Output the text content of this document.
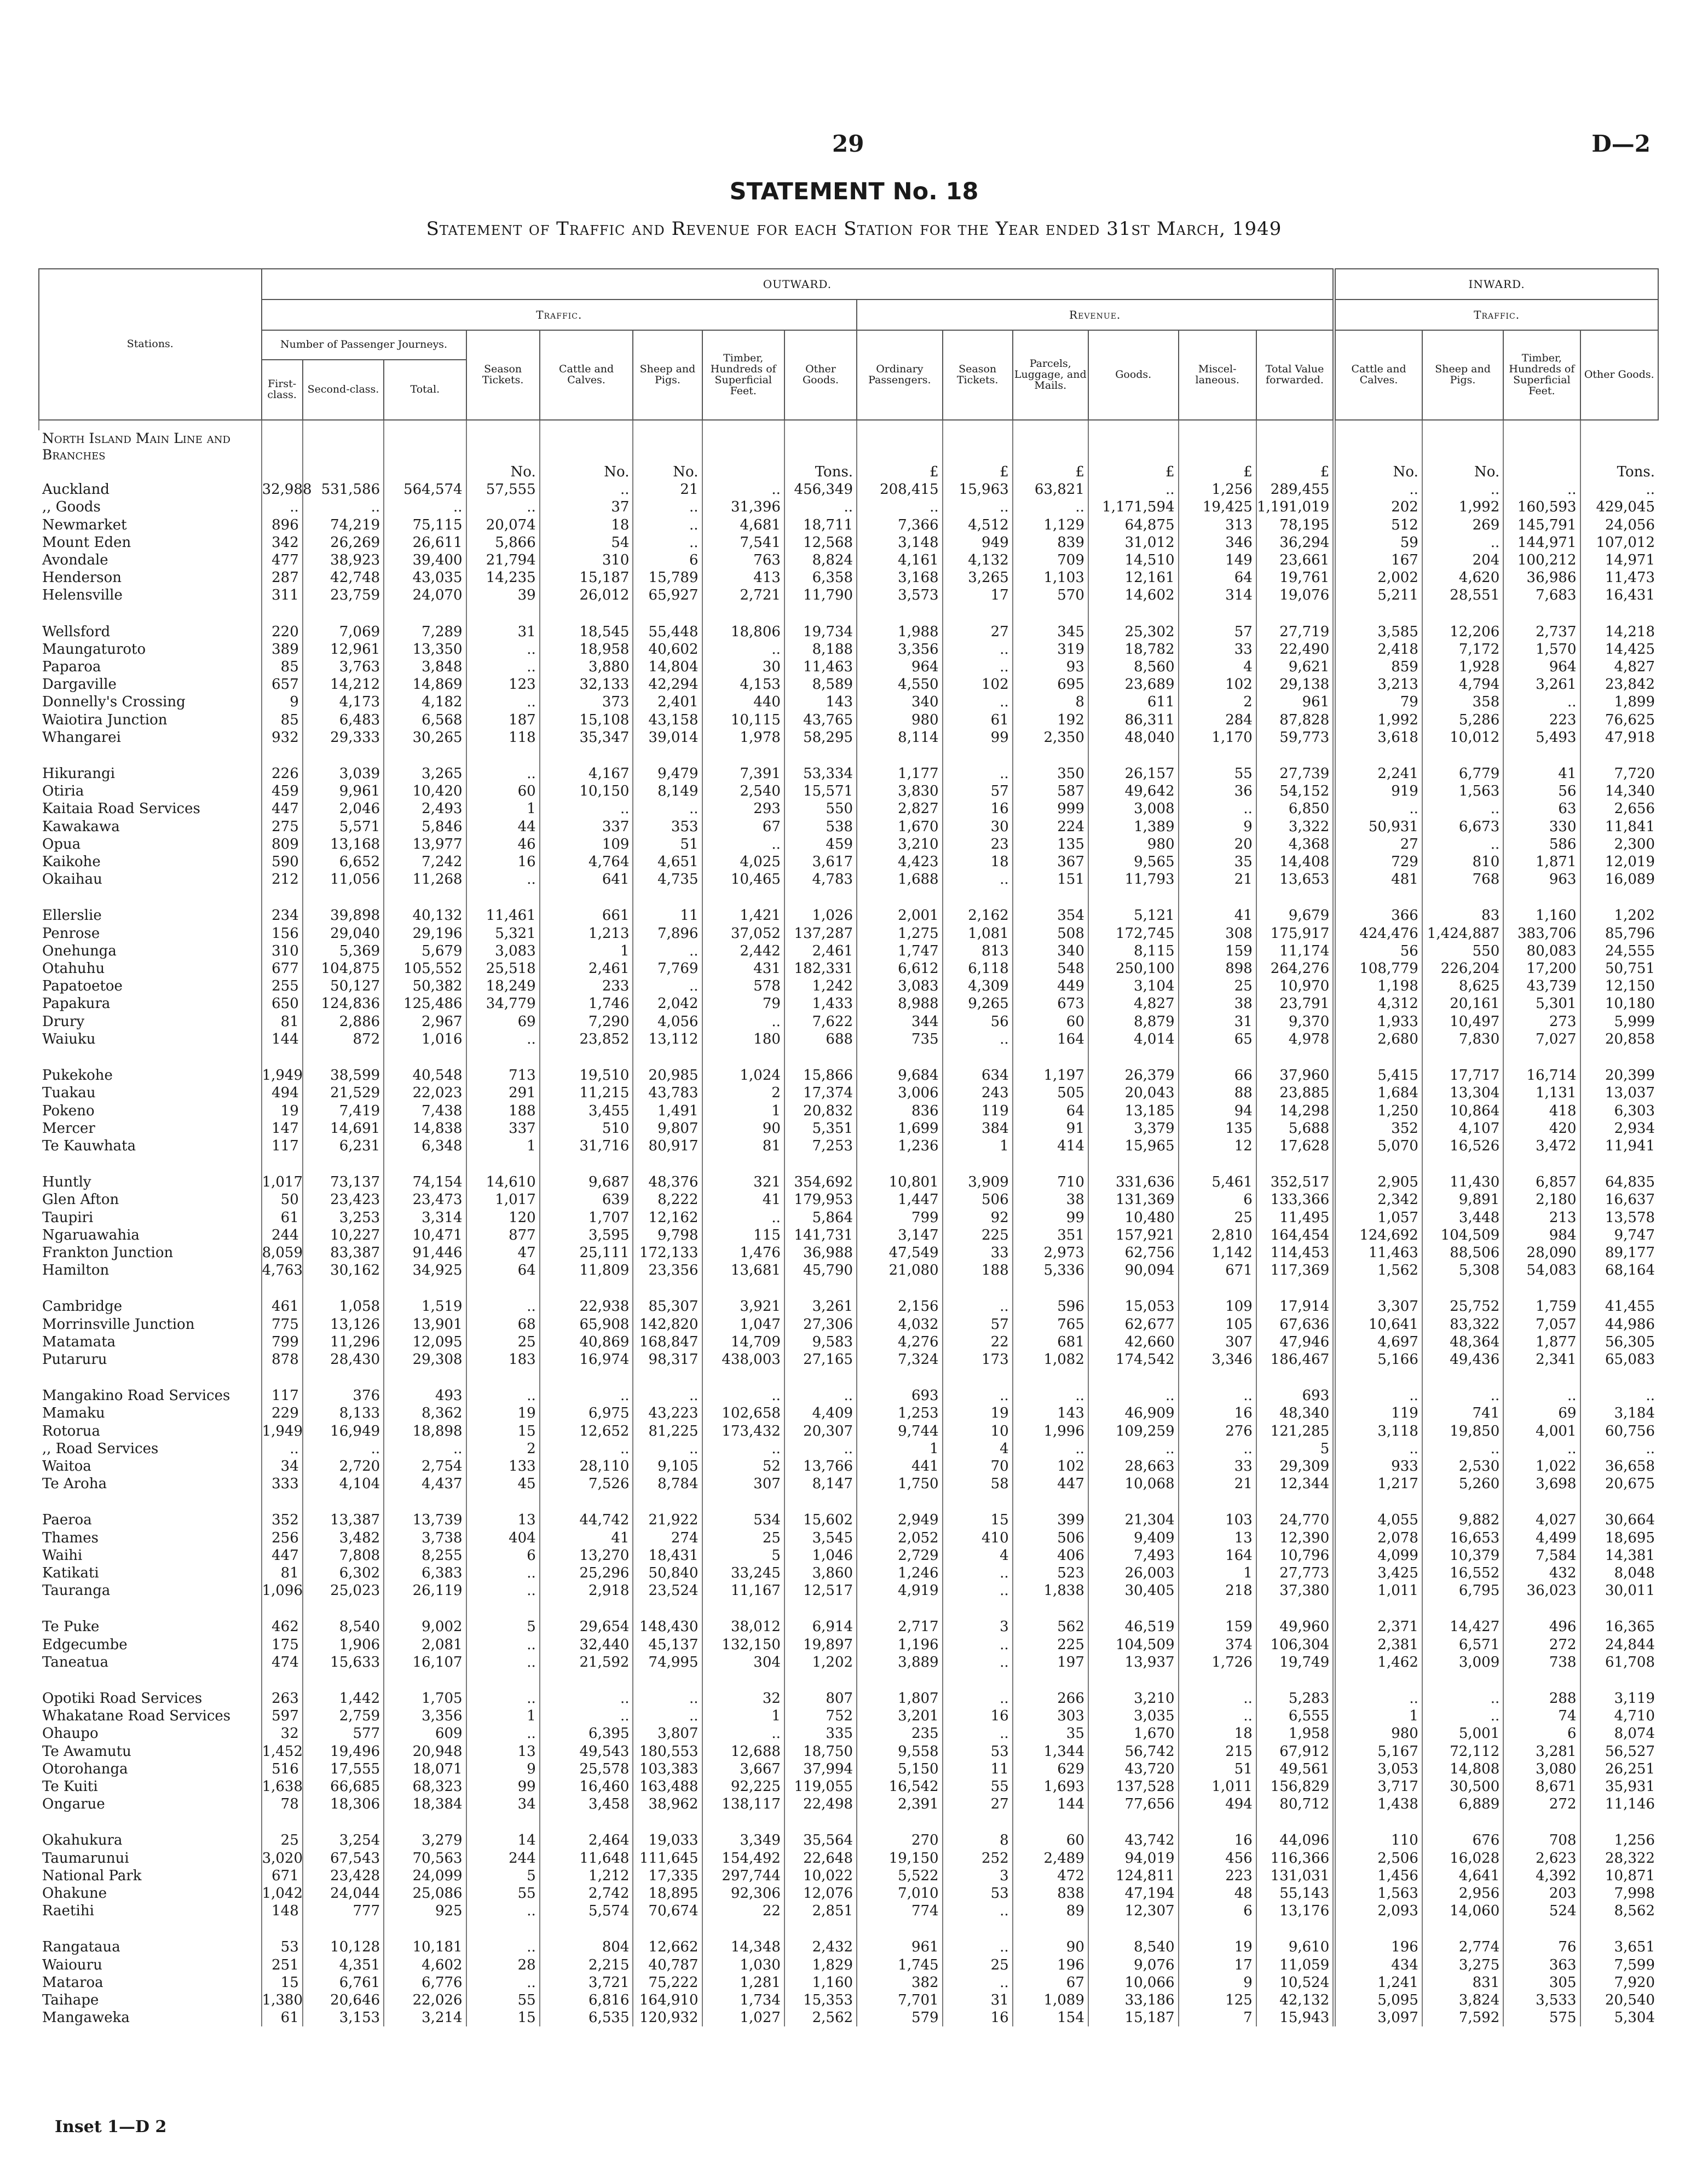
29	D—2
STATEMENT No. 18
Statement of Traffic and Revenue for each Station for the Year ended 31st March, 1949
Stations.	OUTWARD.														INWARD.			
	Traffic.								Revenue.						Traffic.			
	Number of Passenger Journeys.			Season Tickets.	Cattle and Calves.	Sheep and Pigs.	Timber, Hundreds of Superficial Feet.	Other Goods.	Ordinary Passengers.	Season Tickets.	Parcels, Luggage, and Mails.	Goods.	Miscel-laneous.	Total Value forwarded.	Cattle and Calves.	Sheep and Pigs.	Timber, Hundreds of Superficial Feet.	Other Goods.
	First-class.	Second-class.	Total.															

North Island Main Line and Branches																		
				No.	No.	No.		Tons.	£	£	£	£	£	£	No.	No.		Tons.
Auckland	32,988	531,586	564,574	57,555	..	21	..	456,349	208,415	15,963	63,821	..	1,256	289,455	..	..	..	..
,, Goods	..	..	..	..	37	..	31,396	..	..	..	..	1,171,594	19,425	1,191,019	202	1,992	160,593	429,045
Newmarket	896	74,219	75,115	20,074	18	..	4,681	18,711	7,366	4,512	1,129	64,875	313	78,195	512	269	145,791	24,056
Mount Eden	342	26,269	26,611	5,866	54	..	7,541	12,568	3,148	949	839	31,012	346	36,294	59	..	144,971	107,012
Avondale	477	38,923	39,400	21,794	310	6	763	8,824	4,161	4,132	709	14,510	149	23,661	167	204	100,212	14,971
Henderson	287	42,748	43,035	14,235	15,187	15,789	413	6,358	3,168	3,265	1,103	12,161	64	19,761	2,002	4,620	36,986	11,473
Helensville	311	23,759	24,070	39	26,012	65,927	2,721	11,790	3,573	17	570	14,602	314	19,076	5,211	28,551	7,683	16,431

Wellsford	220	7,069	7,289	31	18,545	55,448	18,806	19,734	1,988	27	345	25,302	57	27,719	3,585	12,206	2,737	14,218
Maungaturoto	389	12,961	13,350	..	18,958	40,602	..	8,188	3,356	..	319	18,782	33	22,490	2,418	7,172	1,570	14,425
Paparoa	85	3,763	3,848	..	3,880	14,804	30	11,463	964	..	93	8,560	4	9,621	859	1,928	964	4,827
Dargaville	657	14,212	14,869	123	32,133	42,294	4,153	8,589	4,550	102	695	23,689	102	29,138	3,213	4,794	3,261	23,842
Donnelly's Crossing	9	4,173	4,182	..	373	2,401	440	143	340	..	8	611	2	961	79	358	..	1,899
Waiotira Junction	85	6,483	6,568	187	15,108	43,158	10,115	43,765	980	61	192	86,311	284	87,828	1,992	5,286	223	76,625
Whangarei	932	29,333	30,265	118	35,347	39,014	1,978	58,295	8,114	99	2,350	48,040	1,170	59,773	3,618	10,012	5,493	47,918

Hikurangi	226	3,039	3,265	..	4,167	9,479	7,391	53,334	1,177	..	350	26,157	55	27,739	2,241	6,779	41	7,720
Otiria	459	9,961	10,420	60	10,150	8,149	2,540	15,571	3,830	57	587	49,642	36	54,152	919	1,563	56	14,340
Kaitaia Road Services	447	2,046	2,493	1	..	..	293	550	2,827	16	999	3,008	..	6,850	..	..	63	2,656
Kawakawa	275	5,571	5,846	44	337	353	67	538	1,670	30	224	1,389	9	3,322	50,931	6,673	330	11,841
Opua	809	13,168	13,977	46	109	51	..	459	3,210	23	135	980	20	4,368	27	..	586	2,300
Kaikohe	590	6,652	7,242	16	4,764	4,651	4,025	3,617	4,423	18	367	9,565	35	14,408	729	810	1,871	12,019
Okaihau	212	11,056	11,268	..	641	4,735	10,465	4,783	1,688	..	151	11,793	21	13,653	481	768	963	16,089

Ellerslie	234	39,898	40,132	11,461	661	11	1,421	1,026	2,001	2,162	354	5,121	41	9,679	366	83	1,160	1,202
Penrose	156	29,040	29,196	5,321	1,213	7,896	37,052	137,287	1,275	1,081	508	172,745	308	175,917	424,476	1,424,887	383,706	85,796
Onehunga	310	5,369	5,679	3,083	1	..	2,442	2,461	1,747	813	340	8,115	159	11,174	56	550	80,083	24,555
Otahuhu	677	104,875	105,552	25,518	2,461	7,769	431	182,331	6,612	6,118	548	250,100	898	264,276	108,779	226,204	17,200	50,751
Papatoetoe	255	50,127	50,382	18,249	233	..	578	1,242	3,083	4,309	449	3,104	25	10,970	1,198	8,625	43,739	12,150
Papakura	650	124,836	125,486	34,779	1,746	2,042	79	1,433	8,988	9,265	673	4,827	38	23,791	4,312	20,161	5,301	10,180
Drury	81	2,886	2,967	69	7,290	4,056	..	7,622	344	56	60	8,879	31	9,370	1,933	10,497	273	5,999
Waiuku	144	872	1,016	..	23,852	13,112	180	688	735	..	164	4,014	65	4,978	2,680	7,830	7,027	20,858

Pukekohe	1,949	38,599	40,548	713	19,510	20,985	1,024	15,866	9,684	634	1,197	26,379	66	37,960	5,415	17,717	16,714	20,399
Tuakau	494	21,529	22,023	291	11,215	43,783	2	17,374	3,006	243	505	20,043	88	23,885	1,684	13,304	1,131	13,037
Pokeno	19	7,419	7,438	188	3,455	1,491	1	20,832	836	119	64	13,185	94	14,298	1,250	10,864	418	6,303
Mercer	147	14,691	14,838	337	510	9,807	90	5,351	1,699	384	91	3,379	135	5,688	352	4,107	420	2,934
Te Kauwhata	117	6,231	6,348	1	31,716	80,917	81	7,253	1,236	1	414	15,965	12	17,628	5,070	16,526	3,472	11,941

Huntly	1,017	73,137	74,154	14,610	9,687	48,376	321	354,692	10,801	3,909	710	331,636	5,461	352,517	2,905	11,430	6,857	64,835
Glen Afton	50	23,423	23,473	1,017	639	8,222	41	179,953	1,447	506	38	131,369	6	133,366	2,342	9,891	2,180	16,637
Taupiri	61	3,253	3,314	120	1,707	12,162	..	5,864	799	92	99	10,480	25	11,495	1,057	3,448	213	13,578
Ngaruawahia	244	10,227	10,471	877	3,595	9,798	115	141,731	3,147	225	351	157,921	2,810	164,454	124,692	104,509	984	9,747
Frankton Junction	8,059	83,387	91,446	47	25,111	172,133	1,476	36,988	47,549	33	2,973	62,756	1,142	114,453	11,463	88,506	28,090	89,177
Hamilton	4,763	30,162	34,925	64	11,809	23,356	13,681	45,790	21,080	188	5,336	90,094	671	117,369	1,562	5,308	54,083	68,164

Cambridge	461	1,058	1,519	..	22,938	85,307	3,921	3,261	2,156	..	596	15,053	109	17,914	3,307	25,752	1,759	41,455
Morrinsville Junction	775	13,126	13,901	68	65,908	142,820	1,047	27,306	4,032	57	765	62,677	105	67,636	10,641	83,322	7,057	44,986
Matamata	799	11,296	12,095	25	40,869	168,847	14,709	9,583	4,276	22	681	42,660	307	47,946	4,697	48,364	1,877	56,305
Putaruru	878	28,430	29,308	183	16,974	98,317	438,003	27,165	7,324	173	1,082	174,542	3,346	186,467	5,166	49,436	2,341	65,083

Mangakino Road Services	117	376	493	..	..	..	..	..	693	..	..	..	..	693	..	..	..	..
Mamaku	229	8,133	8,362	19	6,975	43,223	102,658	4,409	1,253	19	143	46,909	16	48,340	119	741	69	3,184
Rotorua	1,949	16,949	18,898	15	12,652	81,225	173,432	20,307	9,744	10	1,996	109,259	276	121,285	3,118	19,850	4,001	60,756
,, Road Services	..	..	..	2	..	..	..	..	1	4	..	..	..	5	..	..	..	..
Waitoa	34	2,720	2,754	133	28,110	9,105	52	13,766	441	70	102	28,663	33	29,309	933	2,530	1,022	36,658
Te Aroha	333	4,104	4,437	45	7,526	8,784	307	8,147	1,750	58	447	10,068	21	12,344	1,217	5,260	3,698	20,675

Paeroa	352	13,387	13,739	13	44,742	21,922	534	15,602	2,949	15	399	21,304	103	24,770	4,055	9,882	4,027	30,664
Thames	256	3,482	3,738	404	41	274	25	3,545	2,052	410	506	9,409	13	12,390	2,078	16,653	4,499	18,695
Waihi	447	7,808	8,255	6	13,270	18,431	5	1,046	2,729	4	406	7,493	164	10,796	4,099	10,379	7,584	14,381
Katikati	81	6,302	6,383	..	25,296	50,840	33,245	3,860	1,246	..	523	26,003	1	27,773	3,425	16,552	432	8,048
Tauranga	1,096	25,023	26,119	..	2,918	23,524	11,167	12,517	4,919	..	1,838	30,405	218	37,380	1,011	6,795	36,023	30,011

Te Puke	462	8,540	9,002	5	29,654	148,430	38,012	6,914	2,717	3	562	46,519	159	49,960	2,371	14,427	496	16,365
Edgecumbe	175	1,906	2,081	..	32,440	45,137	132,150	19,897	1,196	..	225	104,509	374	106,304	2,381	6,571	272	24,844
Taneatua	474	15,633	16,107	..	21,592	74,995	304	1,202	3,889	..	197	13,937	1,726	19,749	1,462	3,009	738	61,708

Opotiki Road Services	263	1,442	1,705	..	..	..	32	807	1,807	..	266	3,210	..	5,283	..	..	288	3,119
Whakatane Road Services	597	2,759	3,356	1	..	..	1	752	3,201	16	303	3,035	..	6,555	1	..	74	4,710
Ohaupo	32	577	609	..	6,395	3,807	..	335	235	..	35	1,670	18	1,958	980	5,001	6	8,074
Te Awamutu	1,452	19,496	20,948	13	49,543	180,553	12,688	18,750	9,558	53	1,344	56,742	215	67,912	5,167	72,112	3,281	56,527
Otorohanga	516	17,555	18,071	9	25,578	103,383	3,667	37,994	5,150	11	629	43,720	51	49,561	3,053	14,808	3,080	26,251
Te Kuiti	1,638	66,685	68,323	99	16,460	163,488	92,225	119,055	16,542	55	1,693	137,528	1,011	156,829	3,717	30,500	8,671	35,931
Ongarue	78	18,306	18,384	34	3,458	38,962	138,117	22,498	2,391	27	144	77,656	494	80,712	1,438	6,889	272	11,146

Okahukura	25	3,254	3,279	14	2,464	19,033	3,349	35,564	270	8	60	43,742	16	44,096	110	676	708	1,256
Taumarunui	3,020	67,543	70,563	244	11,648	111,645	154,492	22,648	19,150	252	2,489	94,019	456	116,366	2,506	16,028	2,623	28,322
National Park	671	23,428	24,099	5	1,212	17,335	297,744	10,022	5,522	3	472	124,811	223	131,031	1,456	4,641	4,392	10,871
Ohakune	1,042	24,044	25,086	55	2,742	18,895	92,306	12,076	7,010	53	838	47,194	48	55,143	1,563	2,956	203	7,998
Raetihi	148	777	925	..	5,574	70,674	22	2,851	774	..	89	12,307	6	13,176	2,093	14,060	524	8,562

Rangataua	53	10,128	10,181	..	804	12,662	14,348	2,432	961	..	90	8,540	19	9,610	196	2,774	76	3,651
Waiouru	251	4,351	4,602	28	2,215	40,787	1,030	1,829	1,745	25	196	9,076	17	11,059	434	3,275	363	7,599
Mataroa	15	6,761	6,776	..	3,721	75,222	1,281	1,160	382	..	67	10,066	9	10,524	1,241	831	305	7,920
Taihape	1,380	20,646	22,026	55	6,816	164,910	1,734	15,353	7,701	31	1,089	33,186	125	42,132	5,095	3,824	3,533	20,540
Mangaweka	61	3,153	3,214	15	6,535	120,932	1,027	2,562	579	16	154	15,187	7	15,943	3,097	7,592	575	5,304
Inset 1—D 2
